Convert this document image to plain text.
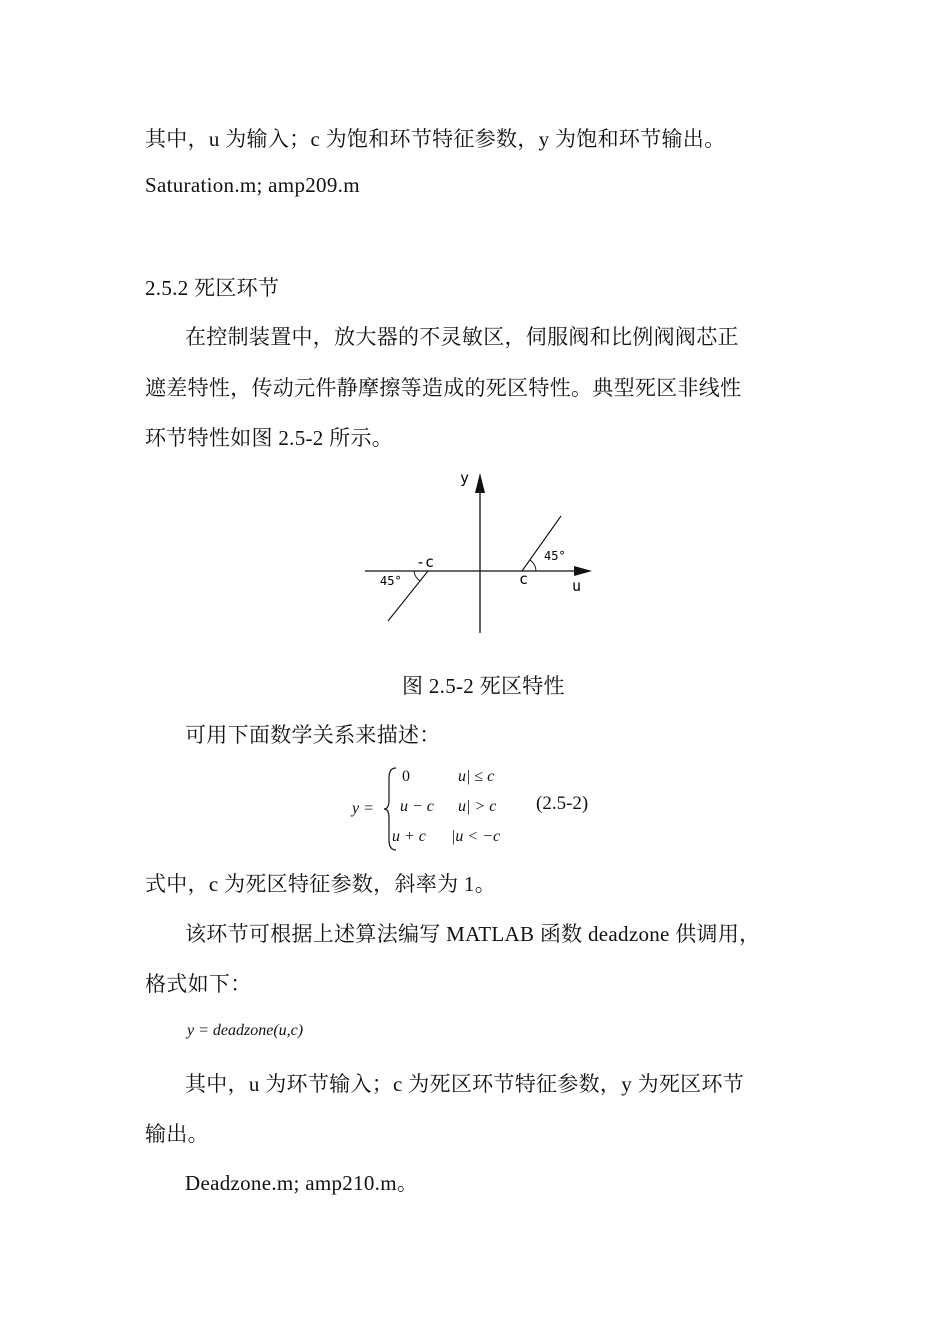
其中，u 为输入；c 为饱和环节特征参数，y 为饱和环节输出。
Saturation.m; amp209.m
2.5.2 死区环节
在控制装置中，放大器的不灵敏区，伺服阀和比例阀阀芯正
遮差特性，传动元件静摩擦等造成的死区特性。典型死区非线性
环节特性如图 2.5-2 所示。
y
u
-c
c
45°
45°
图 2.5-2 死区特性
可用下面数学关系来描述：
y =
0	u| ≤ c
u − c u| > c
u + c |u < −c
(2.5-2)
式中，c 为死区特征参数，斜率为 1。
该环节可根据上述算法编写 MATLAB 函数 deadzone 供调用，
格式如下：
y = deadzone(u,c)
其中，u 为环节输入；c 为死区环节特征参数，y 为死区环节
输出。
Deadzone.m; amp210.m。
